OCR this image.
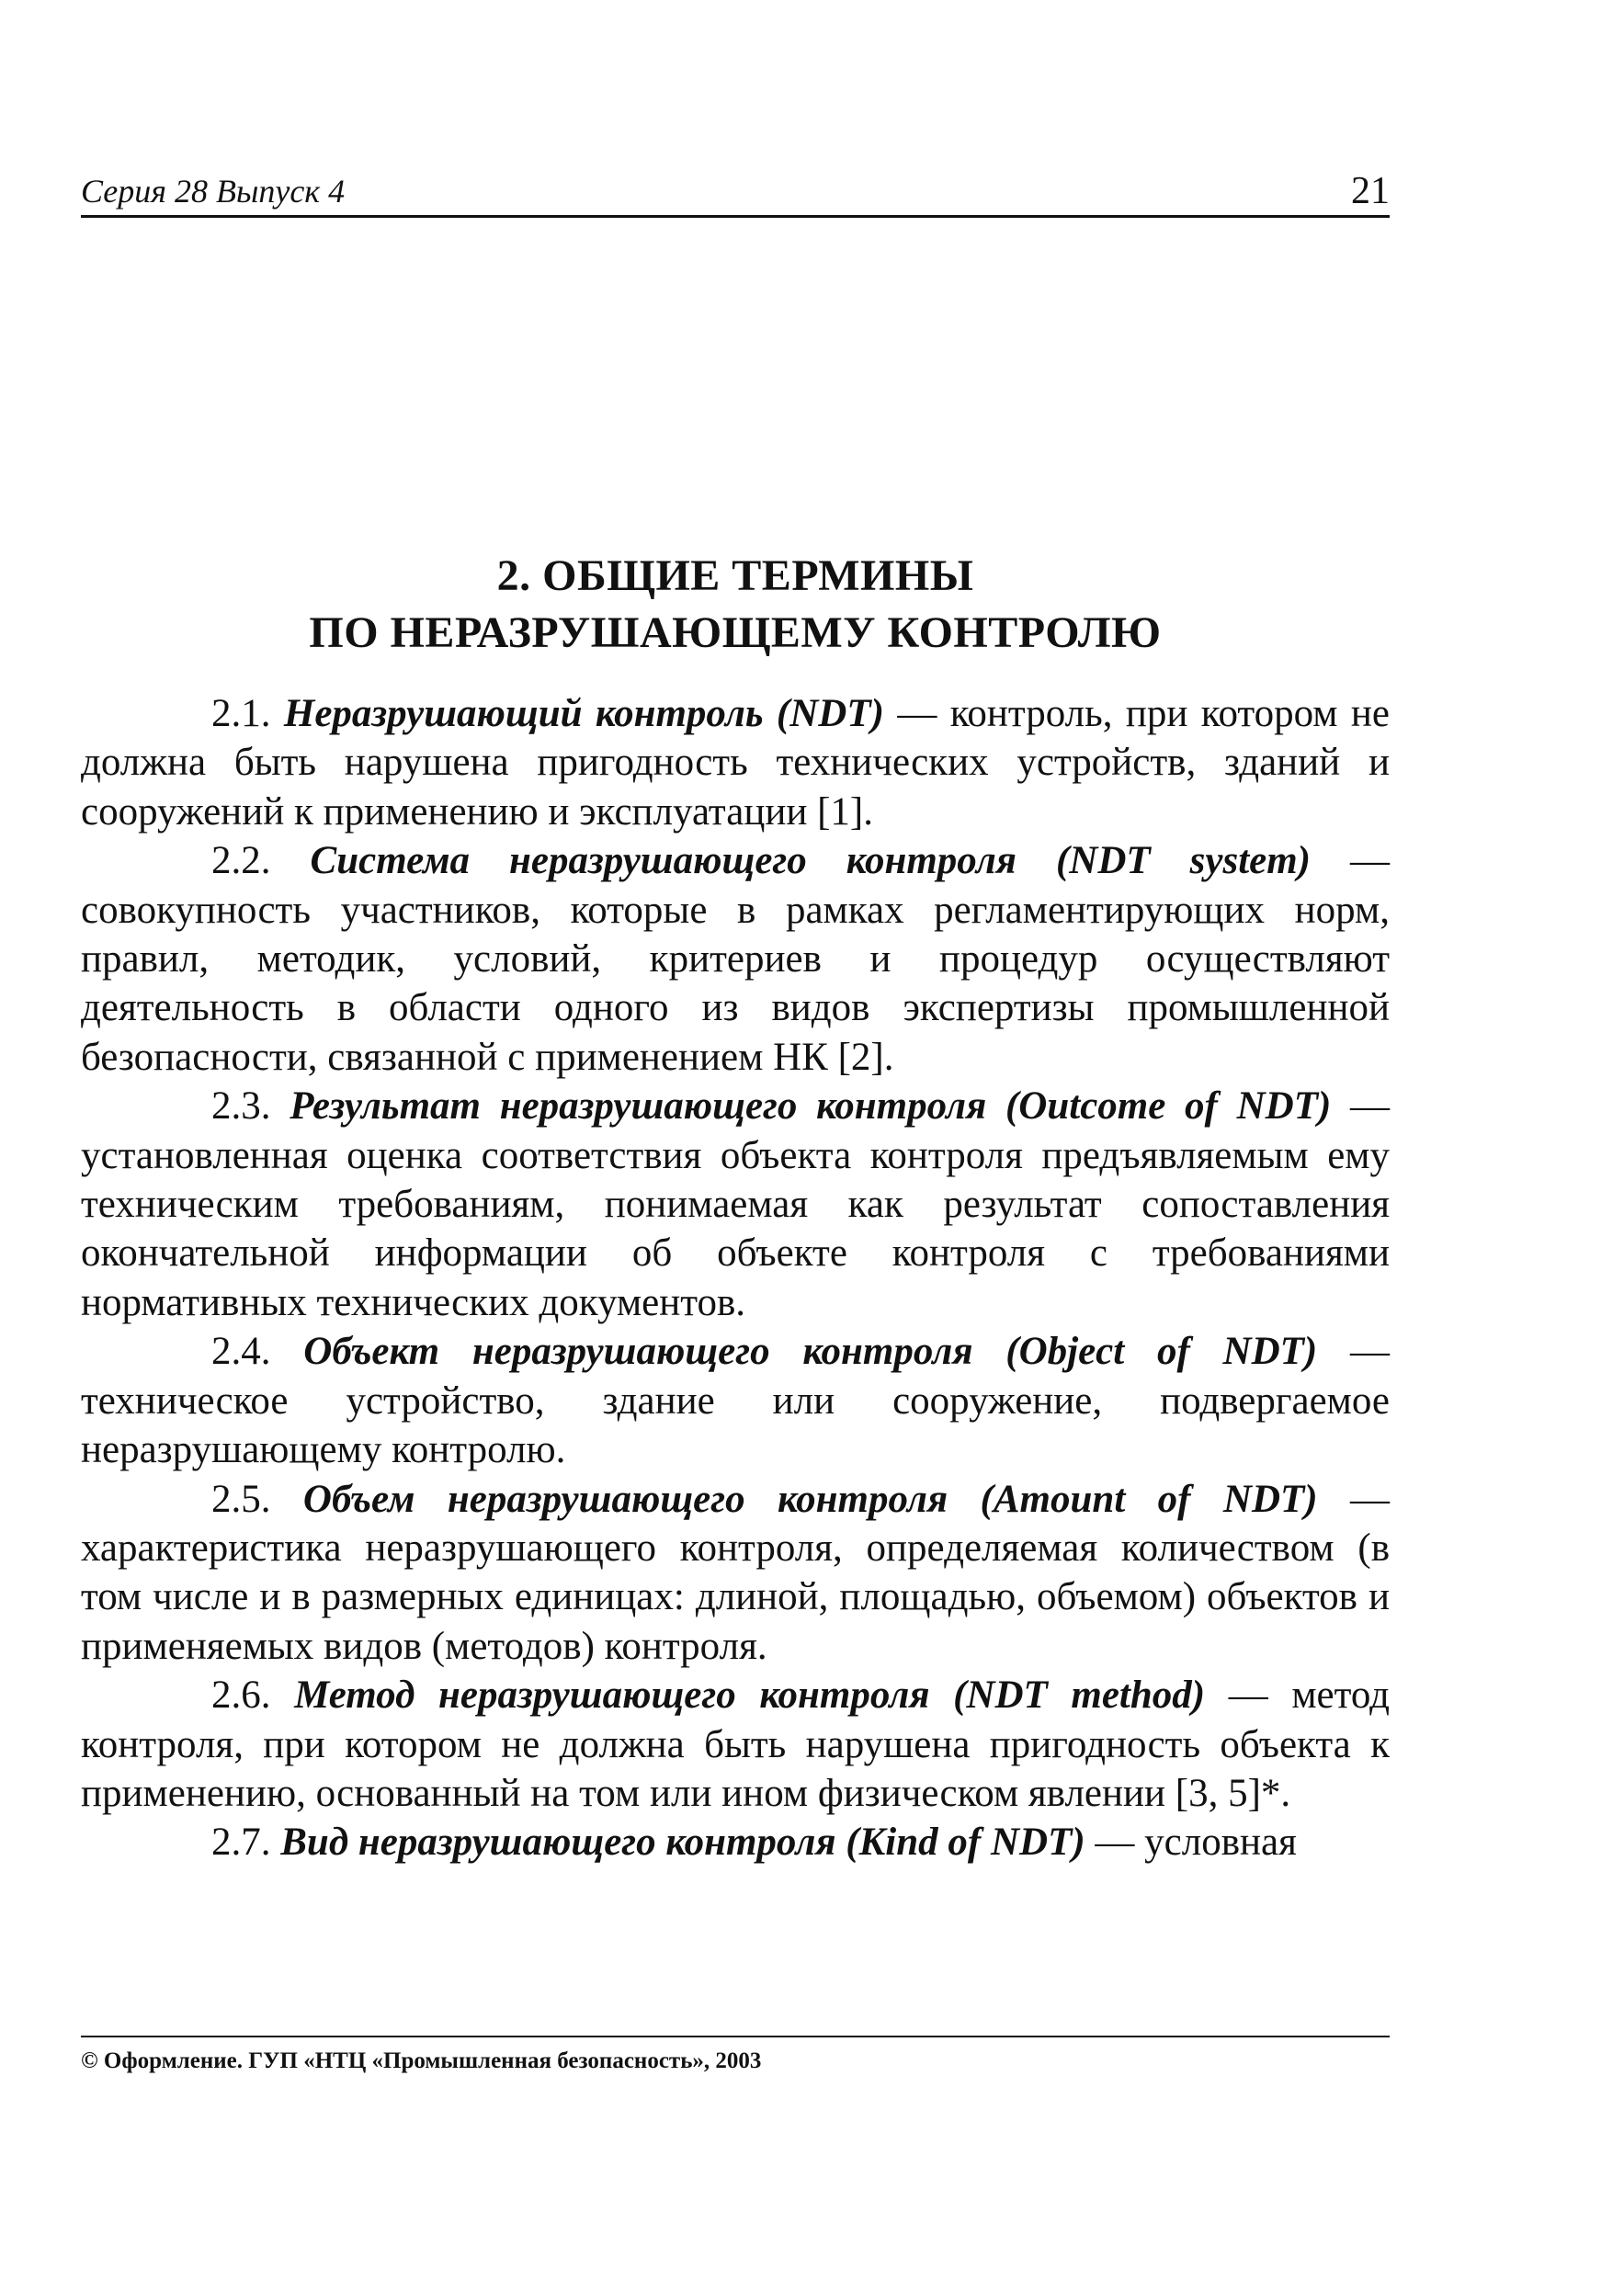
Серия 28 Выпуск 4	21
2. ОБЩИЕ ТЕРМИНЫ
ПО НЕРАЗРУШАЮЩЕМУ КОНТРОЛЮ

2.1. Неразрушающий контроль (NDT) — контроль, при котором не должна быть нарушена пригодность технических устройств, зданий и сооружений к применению и эксплуатации [1].

2.2. Система неразрушающего контроля (NDT system) — совокупность участников, которые в рамках регламентирующих норм, правил, методик, условий, критериев и процедур осуществляют деятельность в области одного из видов экспертизы промышленной безопасности, связанной с применением НК [2].

2.3. Результат неразрушающего контроля (Outcome of NDT) — установленная оценка соответствия объекта контроля предъявляемым ему техническим требованиям, понимаемая как результат сопоставления окончательной информации об объекте контроля с требованиями нормативных технических документов.

2.4. Объект неразрушающего контроля (Object of NDT) — техническое устройство, здание или сооружение, подвергаемое неразрушающему контролю.

2.5. Объем неразрушающего контроля (Amount of NDT) — характеристика неразрушающего контроля, определяемая количеством (в том числе и в размерных единицах: длиной, площадью, объемом) объектов и применяемых видов (методов) контроля.

2.6. Метод неразрушающего контроля (NDT method) — метод контроля, при котором не должна быть нарушена пригодность объекта к применению, основанный на том или ином физическом явлении [3, 5]*.

2.7. Вид неразрушающего контроля (Kind of NDT) — условная

© Оформление. ГУП «НТЦ «Промышленная безопасность», 2003
